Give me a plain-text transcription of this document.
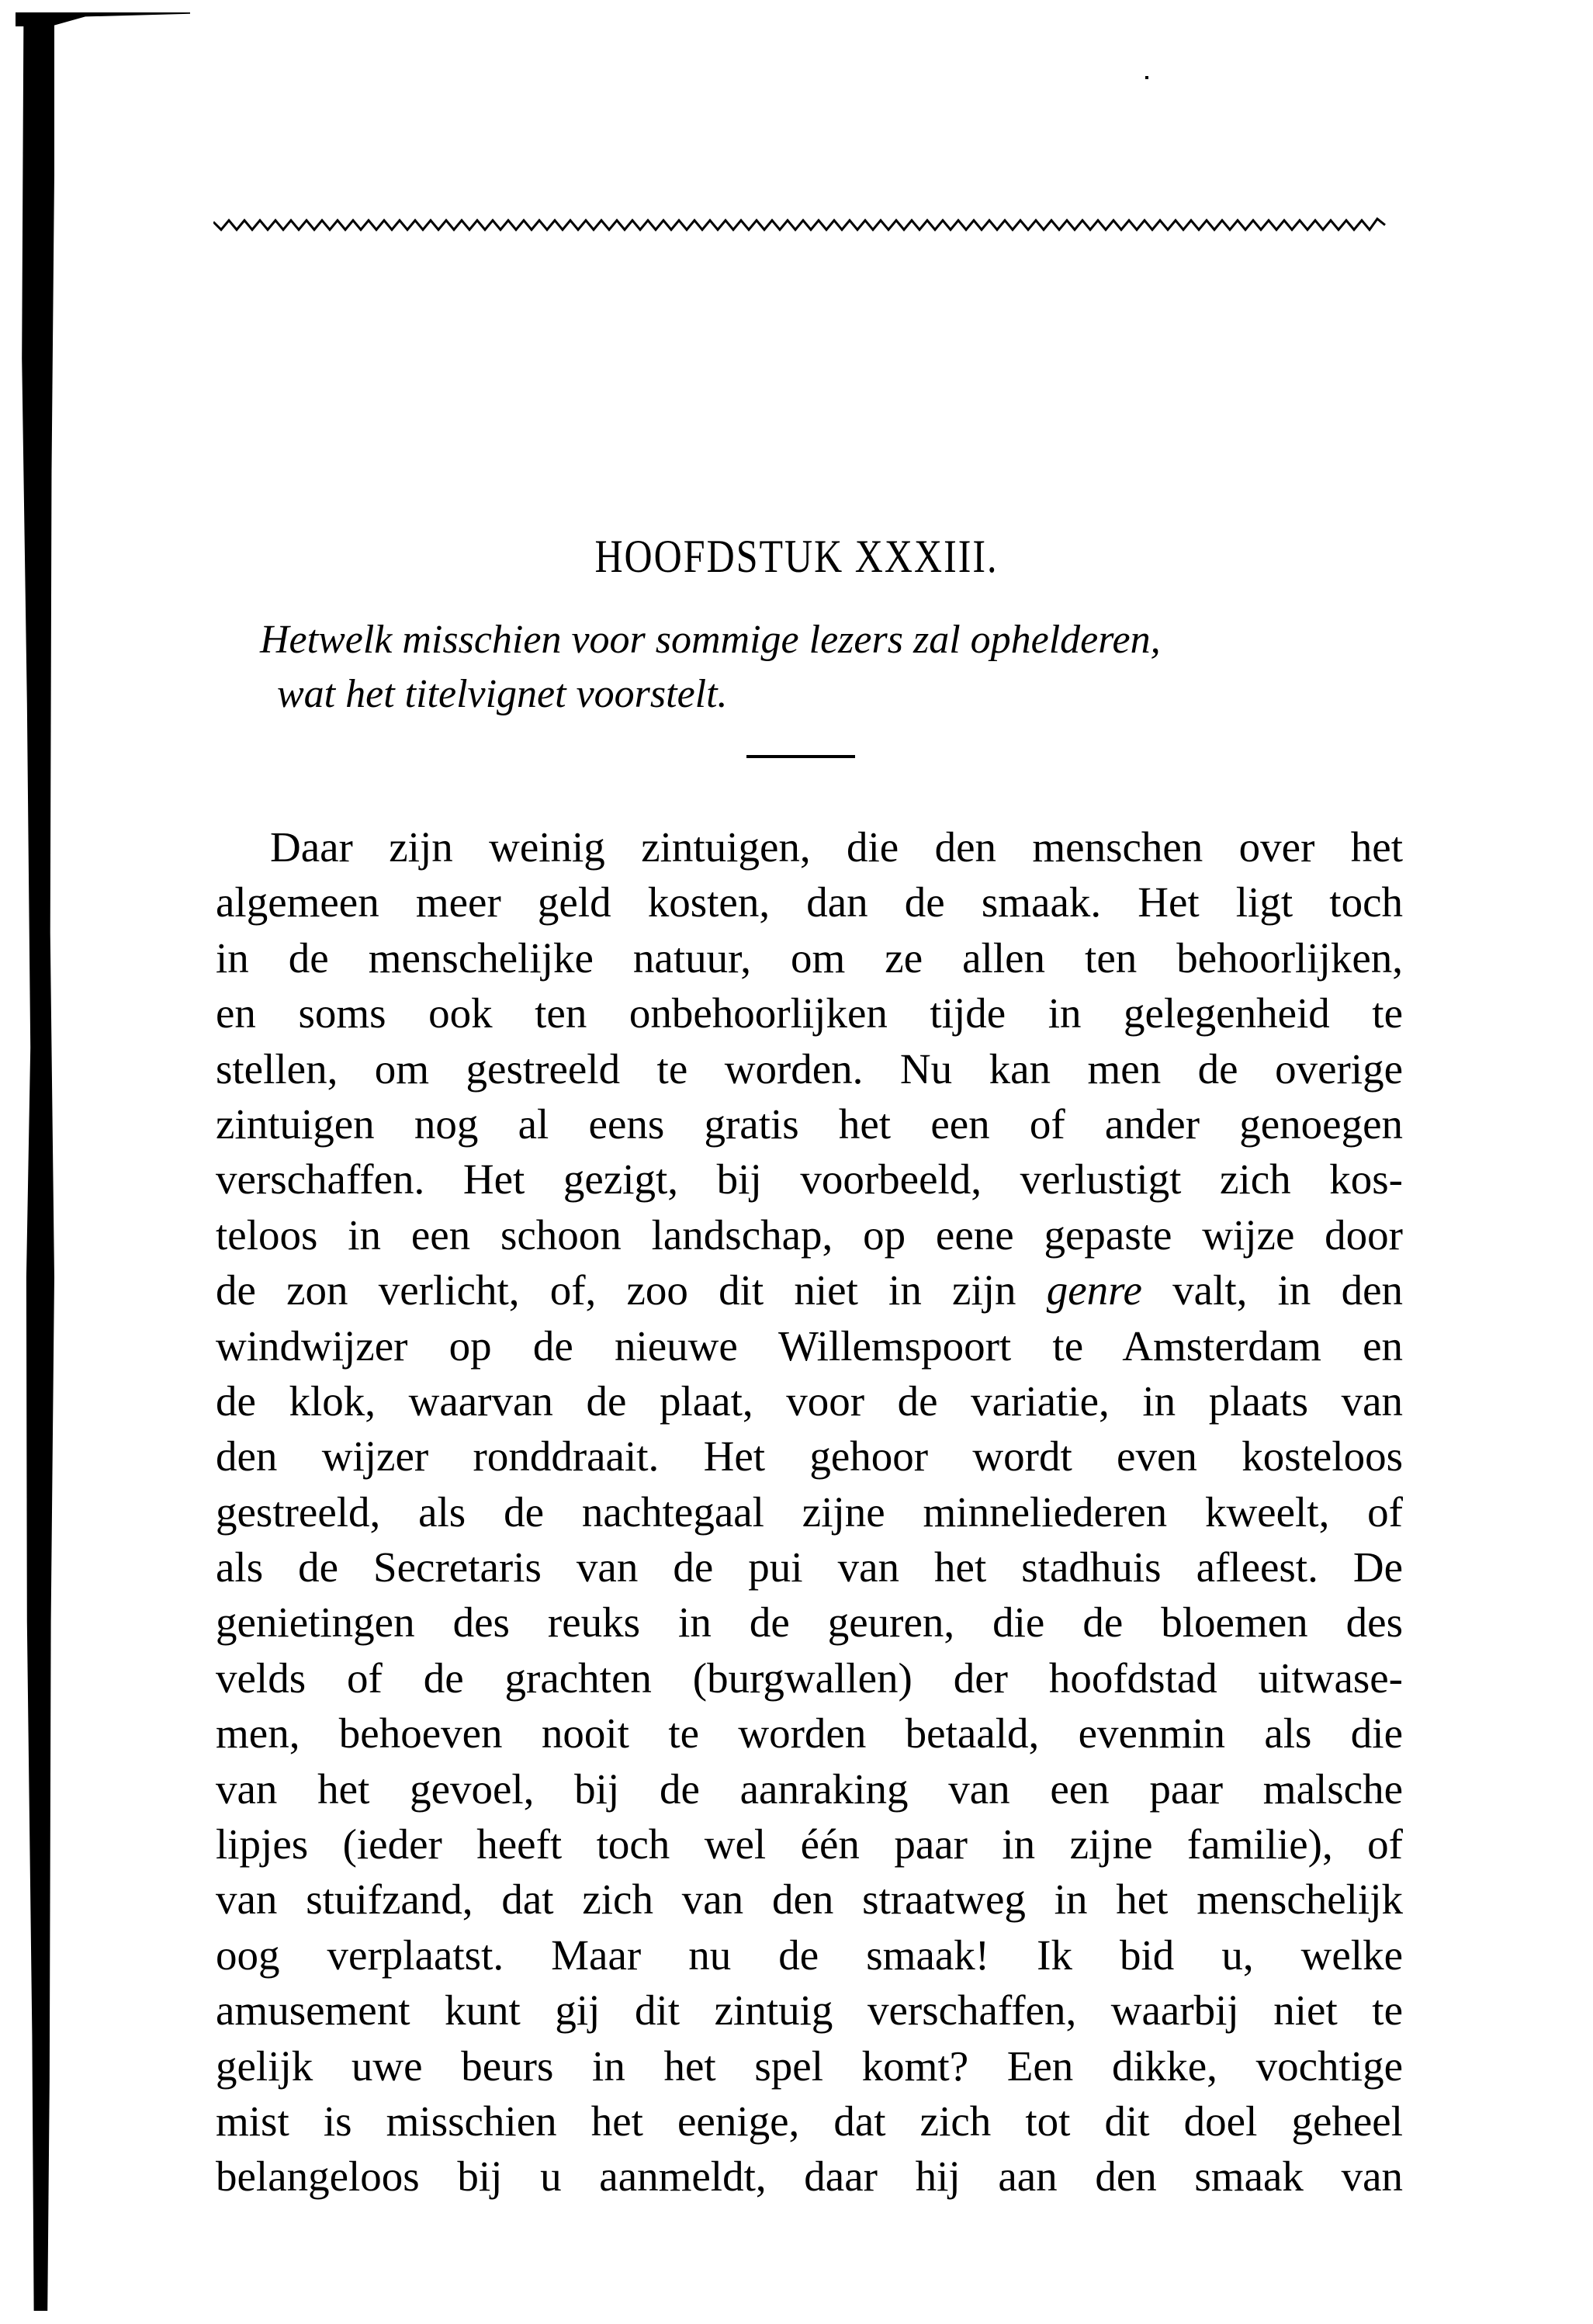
HOOFDSTUK XXXIII.
Hetwelk misschien voor sommige lezers zal ophelderen,
wat het titelvignet voorstelt.
Daar zijn weinig zintuigen, die den menschen over het
algemeen meer geld kosten, dan de smaak. Het ligt toch
in de menschelijke natuur, om ze allen ten behoorlijken,
en soms ook ten onbehoorlijken tijde in gelegenheid te
stellen, om gestreeld te worden. Nu kan men de overige
zintuigen nog al eens gratis het een of ander genoegen
verschaffen. Het gezigt, bij voorbeeld, verlustigt zich kos-
teloos in een schoon landschap, op eene gepaste wijze door
de zon verlicht, of, zoo dit niet in zijn genre valt, in den
windwijzer op de nieuwe Willemspoort te Amsterdam en
de klok, waarvan de plaat, voor de variatie, in plaats van
den wijzer ronddraait. Het gehoor wordt even kosteloos
gestreeld, als de nachtegaal zijne minneliederen kweelt, of
als de Secretaris van de pui van het stadhuis afleest. De
genietingen des reuks in de geuren, die de bloemen des
velds of de grachten (burgwallen) der hoofdstad uitwase-
men, behoeven nooit te worden betaald, evenmin als die
van het gevoel, bij de aanraking van een paar malsche
lipjes (ieder heeft toch wel één paar in zijne familie), of
van stuifzand, dat zich van den straatweg in het menschelijk
oog verplaatst. Maar nu de smaak! Ik bid u, welke
amusement kunt gij dit zintuig verschaffen, waarbij niet te
gelijk uwe beurs in het spel komt? Een dikke, vochtige
mist is misschien het eenige, dat zich tot dit doel geheel
belangeloos bij u aanmeldt, daar hij aan den smaak van
